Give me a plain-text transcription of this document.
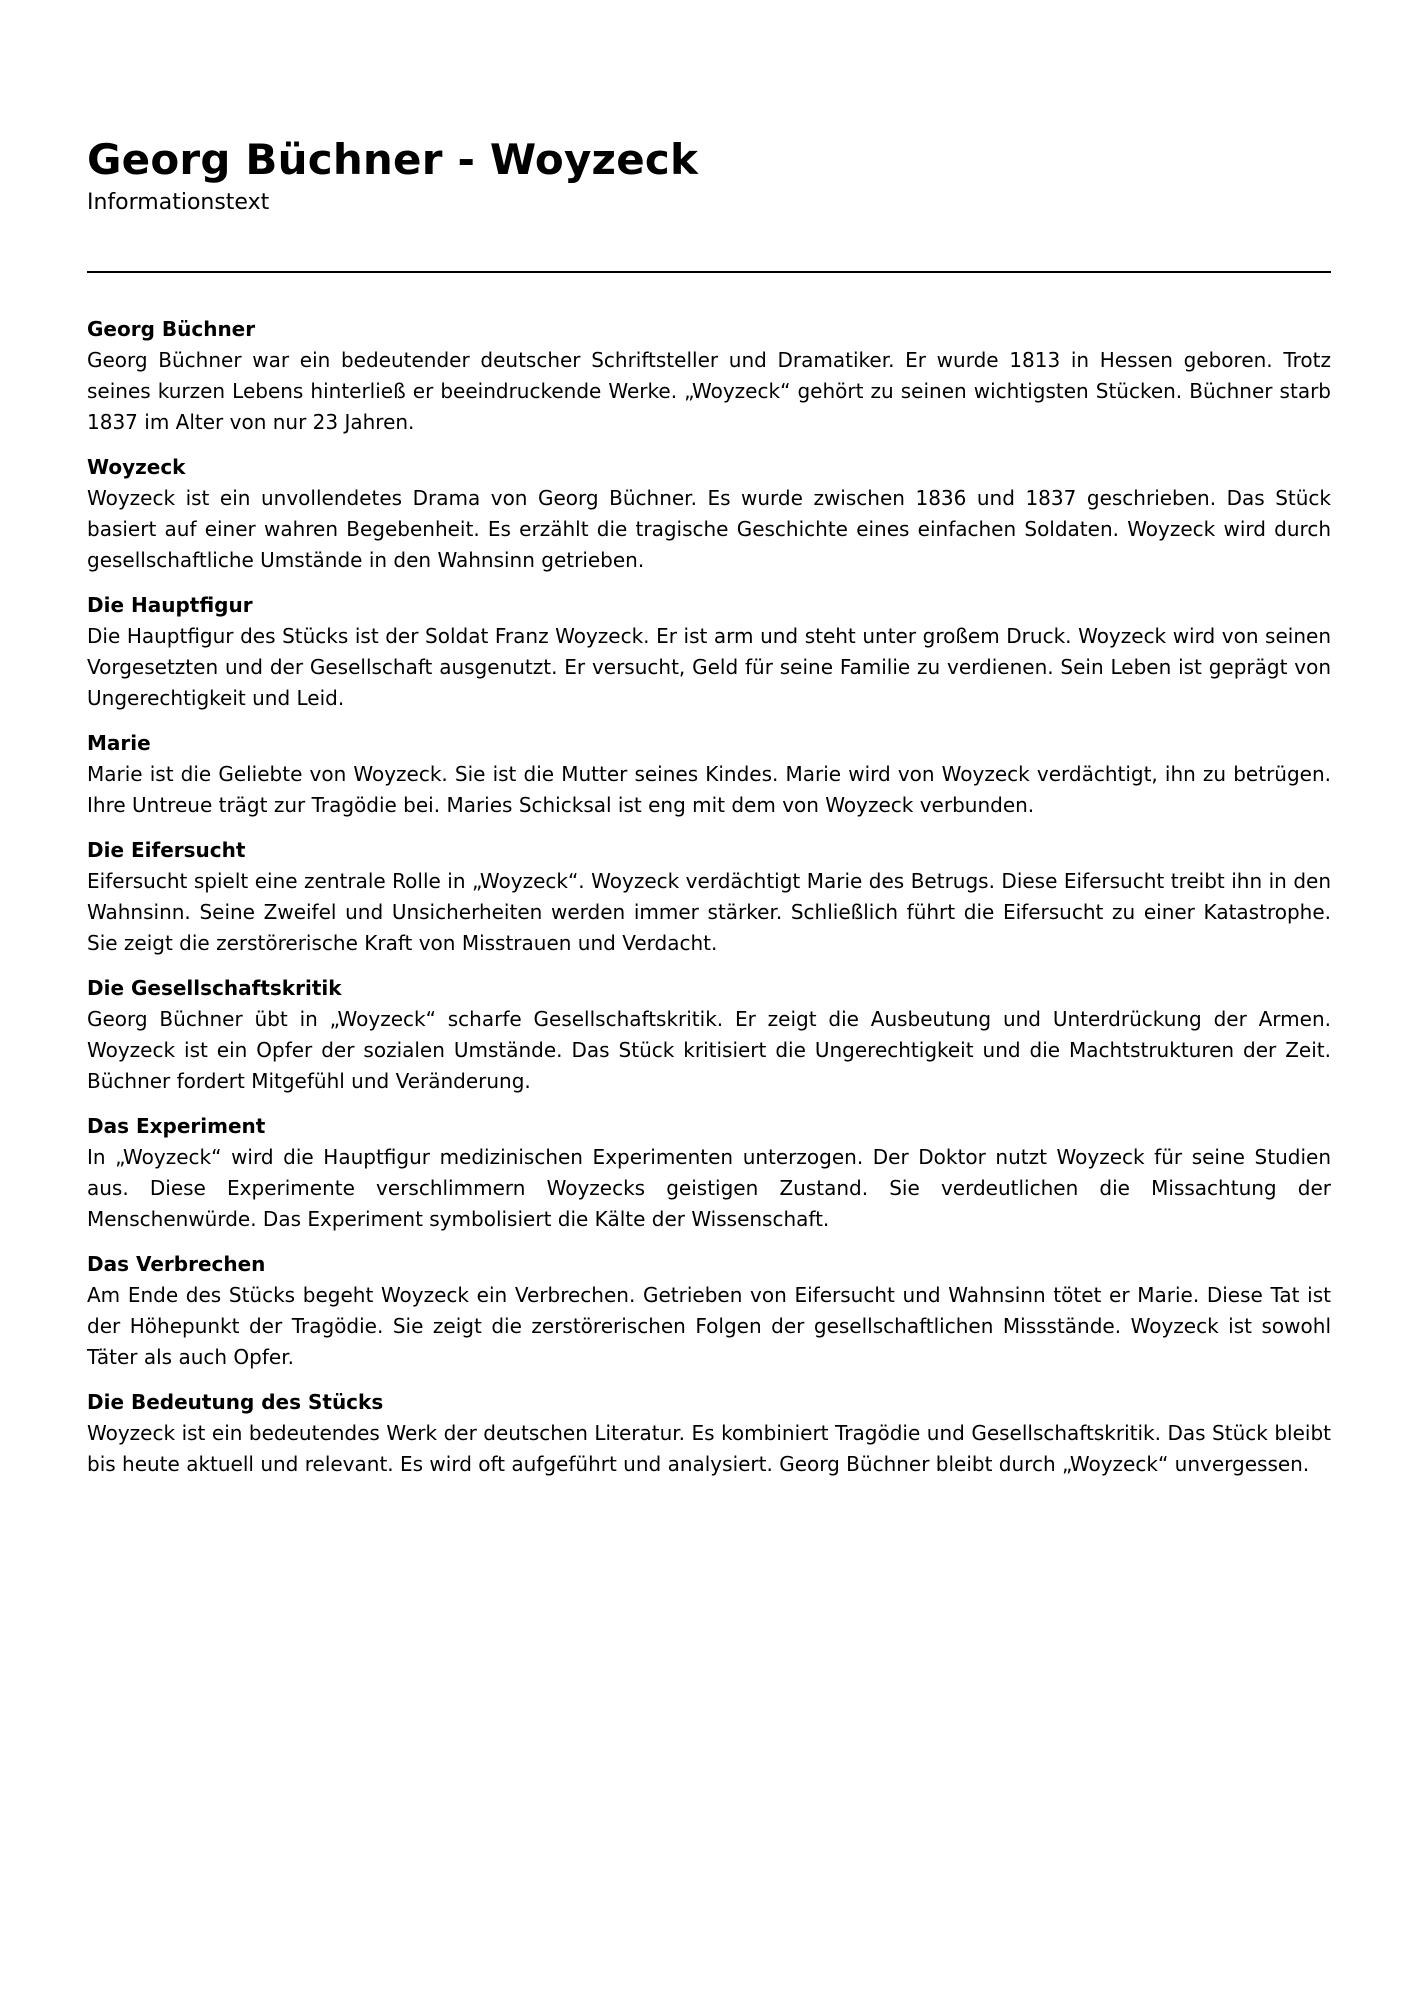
Georg Büchner - Woyzeck

Informationstext

Georg Büchner

Georg Büchner war ein bedeutender deutscher Schriftsteller und Dramatiker. Er wurde 1813 in Hessen geboren. Trotz seines kurzen Lebens hinterließ er beeindruckende Werke. „Woyzeck“ gehört zu seinen wichtigsten Stücken. Büchner starb 1837 im Alter von nur 23 Jahren.

Woyzeck

Woyzeck ist ein unvollendetes Drama von Georg Büchner. Es wurde zwischen 1836 und 1837 geschrieben. Das Stück basiert auf einer wahren Begebenheit. Es erzählt die tragische Geschichte eines einfachen Soldaten. Woyzeck wird durch gesellschaftliche Umstände in den Wahnsinn getrieben.

Die Hauptfigur

Die Hauptfigur des Stücks ist der Soldat Franz Woyzeck. Er ist arm und steht unter großem Druck. Woyzeck wird von seinen Vorgesetzten und der Gesellschaft ausgenutzt. Er versucht, Geld für seine Familie zu verdienen. Sein Leben ist geprägt von Ungerechtigkeit und Leid.

Marie

Marie ist die Geliebte von Woyzeck. Sie ist die Mutter seines Kindes. Marie wird von Woyzeck verdächtigt, ihn zu betrügen. Ihre Untreue trägt zur Tragödie bei. Maries Schicksal ist eng mit dem von Woyzeck verbunden.

Die Eifersucht

Eifersucht spielt eine zentrale Rolle in „Woyzeck“. Woyzeck verdächtigt Marie des Betrugs. Diese Eifersucht treibt ihn in den Wahnsinn. Seine Zweifel und Unsicherheiten werden immer stärker. Schließlich führt die Eifersucht zu einer Katastrophe. Sie zeigt die zerstörerische Kraft von Misstrauen und Verdacht.

Die Gesellschaftskritik

Georg Büchner übt in „Woyzeck“ scharfe Gesellschaftskritik. Er zeigt die Ausbeutung und Unterdrückung der Armen. Woyzeck ist ein Opfer der sozialen Umstände. Das Stück kritisiert die Ungerechtigkeit und die Machtstrukturen der Zeit. Büchner fordert Mitgefühl und Veränderung.

Das Experiment

In „Woyzeck“ wird die Hauptfigur medizinischen Experimenten unterzogen. Der Doktor nutzt Woyzeck für seine Studien aus. Diese Experimente verschlimmern Woyzecks geistigen Zustand. Sie verdeutlichen die Missachtung der Menschenwürde. Das Experiment symbolisiert die Kälte der Wissenschaft.

Das Verbrechen

Am Ende des Stücks begeht Woyzeck ein Verbrechen. Getrieben von Eifersucht und Wahnsinn tötet er Marie. Diese Tat ist der Höhepunkt der Tragödie. Sie zeigt die zerstörerischen Folgen der gesellschaftlichen Missstände. Woyzeck ist sowohl Täter als auch Opfer.

Die Bedeutung des Stücks

Woyzeck ist ein bedeutendes Werk der deutschen Literatur. Es kombiniert Tragödie und Gesellschaftskritik. Das Stück bleibt bis heute aktuell und relevant. Es wird oft aufgeführt und analysiert. Georg Büchner bleibt durch „Woyzeck“ unvergessen.
